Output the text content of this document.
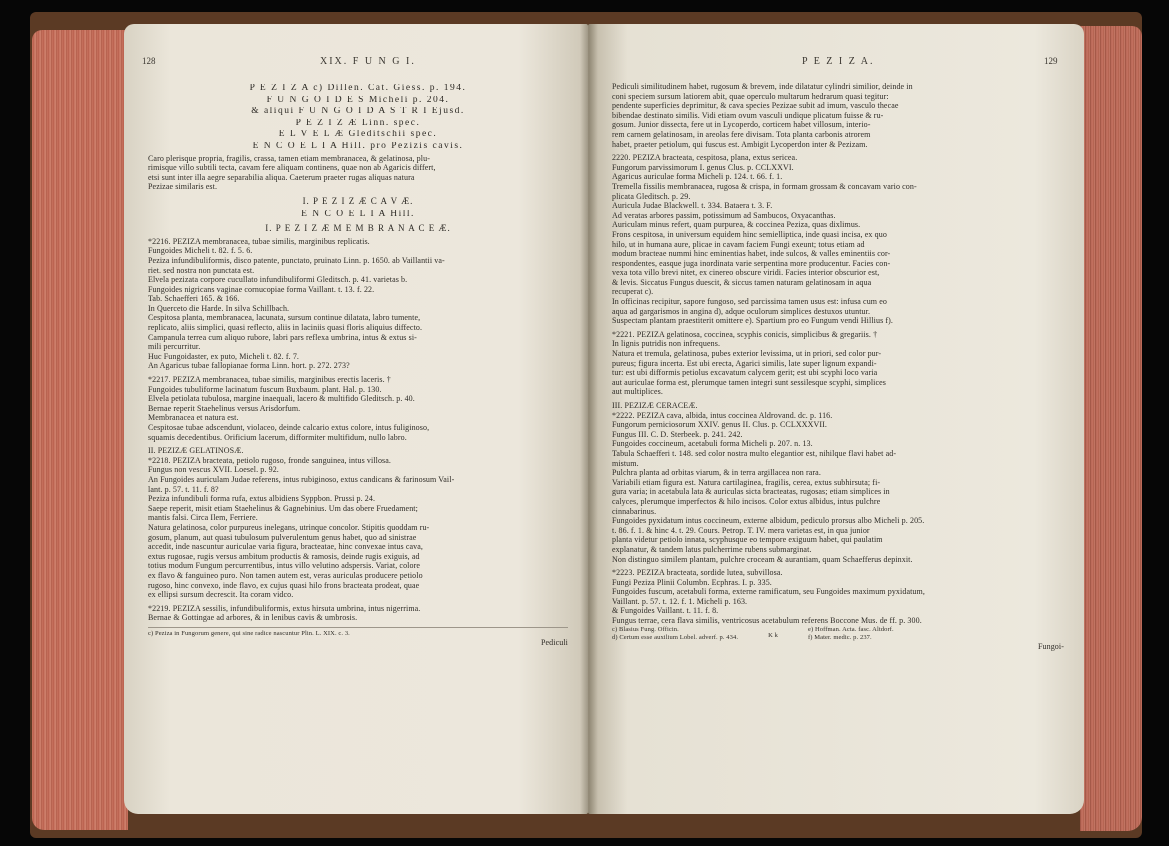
128	XIX. F U N G I.
P E Z I Z A c) Dillen. Cat. Giess. p. 194.
F U N G O I D E S Micheli p. 204.
& aliqui F U N G O I D A S T R I Ejusd.
P E Z I Z Æ Linn. spec.
E L V E L Æ Gleditschii spec.
E N C O E L I A Hill. pro Pezizis cavis.
Caro plerisque propria, fragilis, crassa, tamen etiam membranacea, & gelatinosa, plu-
rimisque villo subtili tecta, cavam fere aliquam continens, quae non ab Agaricis differt,
etsi sunt inter illa aegre separabilia aliqua. Caeterum praeter rugas aliquas natura
Pezizae similaris est.
I. P E Z I Z Æ C A V Æ.
E N C O E L I A Hill.
I. P E Z I Z Æ M E M B R A N A C E Æ.
*2216. PEZIZA membranacea, tubae similis, marginibus replicatis.
Fungoides Micheli t. 82. f. 5. 6.
Peziza infundibuliformis, disco patente, punctato, pruinato Linn. p. 1650. ab Vaillantii va-
riet. sed nostra non punctata est.
Elvela pezizata corpore cucullato infundibuliformi Gleditsch. p. 41. varietas b.
Fungoides nigricans vaginae cornucopiae forma Vaillant. t. 13. f. 22.
Tab. Schaefferi 165. & 166.
In Querceto die Harde. In silva Schillbach.
Cespitosa planta, membranacea, lacunata, sursum continue dilatata, labro tumente,
replicato, aliis simplici, quasi reflecto, aliis in laciniis quasi floris aliquius diffecto.
Campanula terrea cum aliquo rubore, labri pars reflexa umbrina, intus & extus si-
mili percurritur.
Huc Fungoidaster, ex puto, Micheli t. 82. f. 7.
An Agaricus tubae fallopianae forma Linn. hort. p. 272. 273?
*2217. PEZIZA membranacea, tubae similis, marginibus erectis laceris. †
Fungoides tubuliforme lacinatum fuscum Buxbaum. plant. Hal. p. 130.
Elvela petiolata tubulosa, margine inaequali, lacero & multifido Gleditsch. p. 40.
Bernae reperit Staehelinus versus Arisdorfum.
Membranacea et natura est.
Cespitosae tubae adscendunt, violaceo, deinde calcario extus colore, intus fuliginoso,
squamis decedentibus. Orificium lacerum, difformiter multifidum, nullo labro.
II. PEZIZÆ GELATINOSÆ.
*2218. PEZIZA bracteata, petiolo rugoso, fronde sanguinea, intus villosa.
Fungus non vescus XVII. Loesel. p. 92.
An Fungoides auriculam Judae referens, intus rubiginoso, extus candicans & farinosum Vail-
lant. p. 57. t. 11. f. 8?
Peziza infundibuli forma rufa, extus albidiens Syppbon. Prussi p. 24.
Saepe reperit, misit etiam Staehelinus & Gagnebinius. Um das obere Fruedament;
mantis falsi. Circa Ilem, Ferriere.
Natura gelatinosa, color purpureus inelegans, utrinque concolor. Stipitis quoddam ru-
gosum, planum, aut quasi tubulosum pulverulentum genus habet, quo ad sinistrae
accedit, inde nascuntur auriculae varia figura, bracteatae, hinc convexae intus cava,
extus rugosae, rugis versus ambitum productis & ramosis, deinde rugis exiguis, ad
totius modum Fungum percurrentibus, intus villo velutino adspersis. Variat, colore
ex flavo & fanguineo puro. Non tamen autem est, veras auriculas producere petiolo
rugoso, hinc convexo, inde flavo, ex cujus quasi hilo frons bracteata prodeat, quae
ex ellipsi sursum decrescit. Ita coram vidco.
*2219. PEZIZA sessilis, infundibuliformis, extus hirsuta umbrina, intus nigerrima.
Bernae & Gottingae ad arbores, & in lenibus cavis & umbrosis.
c) Peziza in Fungorum genere, qui sine radice nascuntur Plin. L. XIX. c. 3.
Pediculi
P E Z I Z A.	129
Pediculi similitudinem habet, rugosum & brevem, inde dilatatur cylindri similior, deinde in
coni speciem sursum latiorem abit, quae operculo multarum hedrarum quasi tegitur:
pendente superficies deprimitur, & cava species Pezizae subit ad imum, vasculo thecae
bibendae destinato similis. Vidi etiam ovum vasculi undique plicatum fuisse & ru-
gosum. Junior dissecta, fere ut in Lycoperdo, corticem habet villosum, interio-
rem carnem gelatinosam, in areolas fere divisam. Tota planta carbonis atrorem
habet, praeter petiolum, qui fuscus est. Ambigit Lycoperdon inter & Pezizam.
2220. PEZIZA bracteata, cespitosa, plana, extus sericea.
Fungorum parvissimorum I. genus Clus. p. CCLXXVI.
Agaricus auriculae forma Micheli p. 124. t. 66. f. 1.
Tremella fissilis membranacea, rugosa & crispa, in formam grossam & concavam vario con-
plicata Gleditsch. p. 29.
Auricula Judae Blackwell. t. 334. Bataera t. 3. F.
Ad veratas arbores passim, potissimum ad Sambucos, Oxyacanthas.
Auriculam minus refert, quam purpurea, & coccinea Peziza, quas dixlimus.
Frons cespitosa, in universum equidem hinc semielliptica, inde quasi incisa, ex quo
hilo, ut in humana aure, plicae in cavam faciem Fungi exeunt; totus etiam ad
modum bracteae nummi hinc eminentias habet, inde sulcos, & valles eminentiis cor-
respondentes, easque juga inordinata varie serpentina more producentur. Facies con-
vexa tota villo brevi nitet, ex cinereo obscure viridi. Facies interior obscurior est,
& levis. Siccatus Fungus duescit, & siccus tamen naturam gelatinosam in aqua
recuperat c).
In officinas recipitur, sapore fungoso, sed parcissima tamen usus est: infusa cum eo
aqua ad gargarismos in angina d), adque oculorum simplices destuxos utuntur.
Suspectam plantam praestiterit omittere e). Spartium pro eo Fungum vendi Hillius f).
*2221. PEZIZA gelatinosa, coccinea, scyphis conicis, simplicibus & gregariis. †
In lignis putridis non infrequens.
Natura et tremula, gelatinosa, pubes exterior levissima, ut in priori, sed color pur-
pureus; figura incerta. Est ubi erecta, Agarici similis, late super lignum expandi-
tur: est ubi difformis petiolus excavatum calycem gerit; est ubi scyphi loco varia
aut auriculae forma est, plerumque tamen integri sunt sessilesque scyphi, simplices
aut multiplices.
III. PEZIZÆ CERACEÆ.
*2222. PEZIZA cava, albida, intus coccinea Aldrovand. dc. p. 116.
Fungorum perniciosorum XXIV. genus II. Clus. p. CCLXXXVII.
Fungus III. C. D. Sterbeek. p. 241. 242.
Fungoides coccineum, acetabuli forma Micheli p. 207. n. 13.
Tabula Schaefferi t. 148. sed color nostra multo elegantior est, nihilque flavi habet ad-
mistum.
Pulchra planta ad orbitas viarum, & in terra argillacea non rara.
Variabili etiam figura est. Natura cartilaginea, fragilis, cerea, extus subhirsuta; fi-
gura varia; in acetabula lata & auriculas sicta bracteatas, rugosas; etiam simplices in
calyces, plerumque imperfectos & hilo incisos. Color extus albidus, intus pulchre
cinnabarinus.
Fungoides pyxidatum intus coccineum, externe albidum, pediculo prorsus albo Micheli p. 205.
t. 86. f. 1. & hinc 4. t. 29. Cours. Petrop. T. IV. mera varietas est, in qua junior
planta videtur petiolo innata, scyphusque eo tempore exiguum habet, qui paulatim
explanatur, & tandem latus pulcherrime rubens submarginat.
Non distinguo similem plantam, pulchre croceam & aurantiam, quam Schaefferus depinxit.
*2223. PEZIZA bracteata, sordide lutea, subvillosa.
Fungi Peziza Plinii Columbn. Ecphras. I. p. 335.
Fungoides fuscum, acetabuli forma, externe ramificatum, seu Fungoides maximum pyxidatum,
Vaillant. p. 57. t. 12. f. 1. Micheli p. 163.
& Fungoides Vaillant. t. 11. f. 8.
Fungus terrae, cera flava similis, ventricosus acetabulum referens Boccone Mus. de ff. p. 300.
c) Blasius Fung. Officin.
d) Certum esse auxilium Lobel. adverf. p. 434.	K k
e) Hoffman. Acta. fasc. Altdorf.
f) Mater. medic. p. 237.
Fungoi-
